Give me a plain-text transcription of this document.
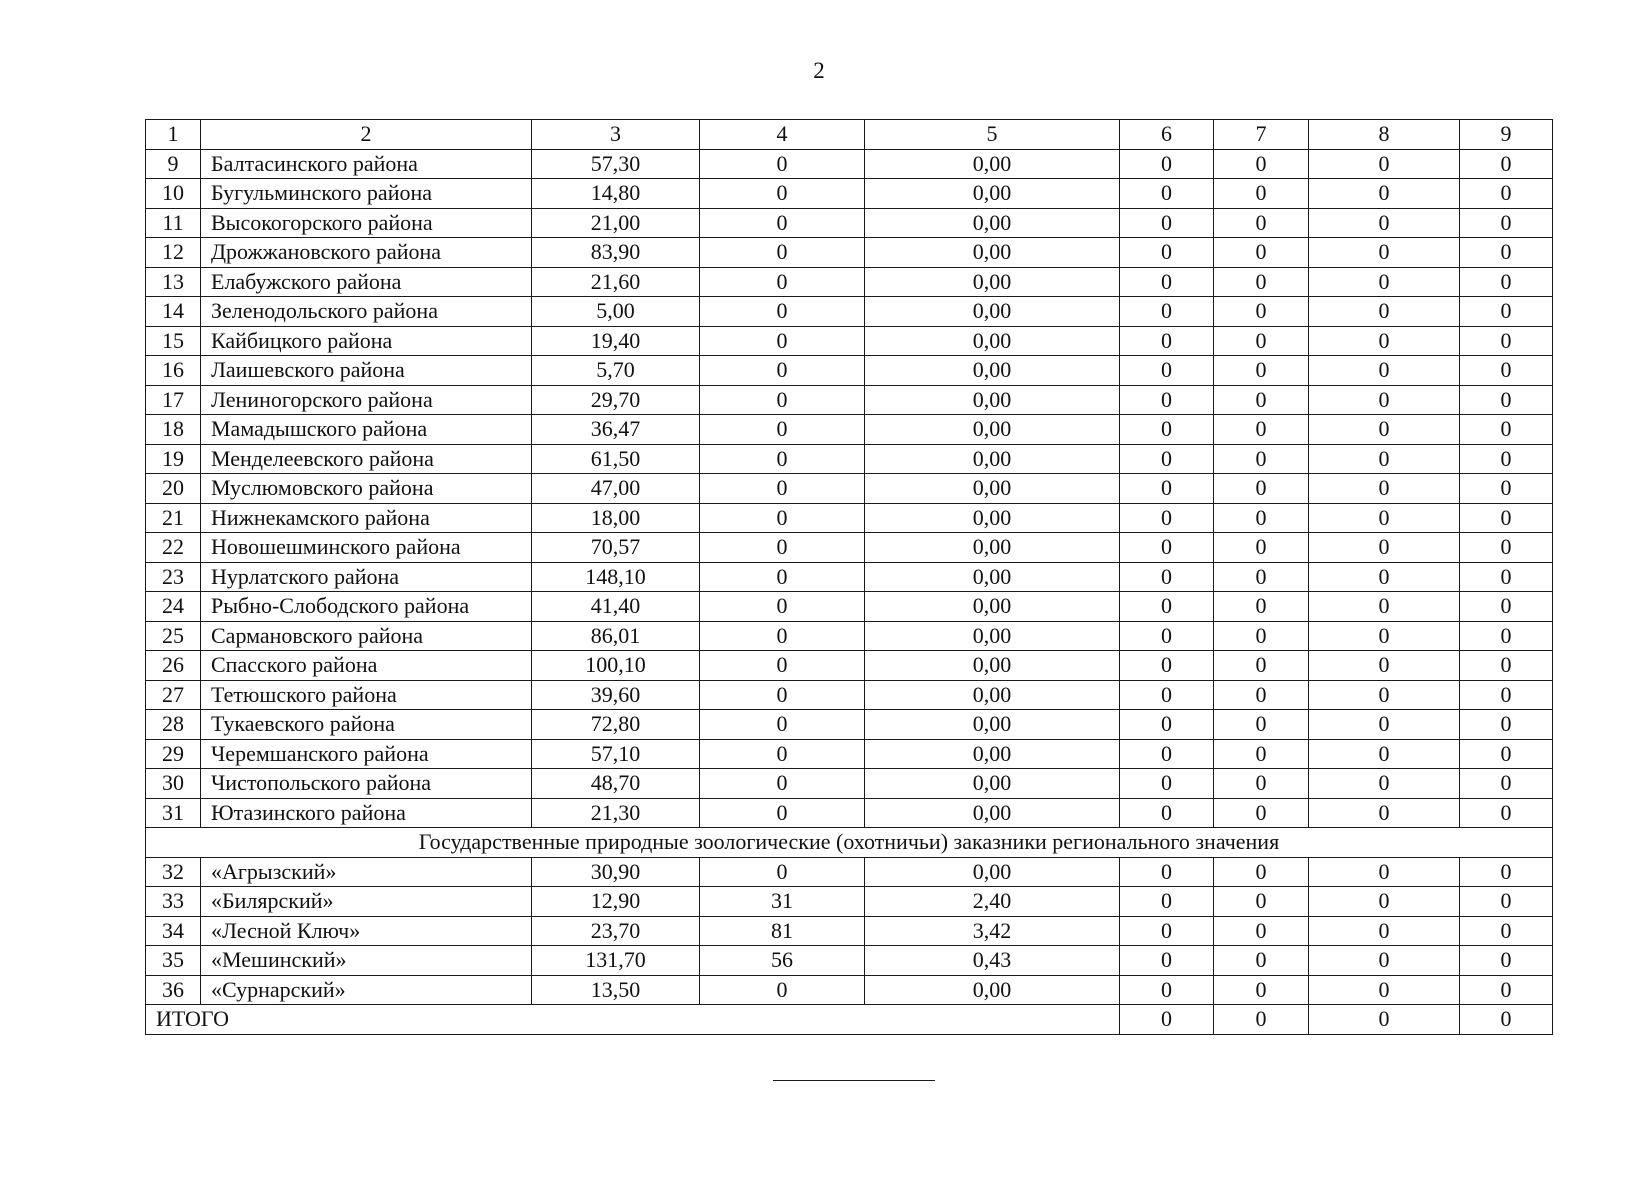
2
1	2	3	4	5	6	7	8	9
9	Балтасинского района	57,30	0	0,00	0	0	0	0
10	Бугульминского района	14,80	0	0,00	0	0	0	0
11	Высокогорского района	21,00	0	0,00	0	0	0	0
12	Дрожжановского района	83,90	0	0,00	0	0	0	0
13	Елабужского района	21,60	0	0,00	0	0	0	0
14	Зеленодольского района	5,00	0	0,00	0	0	0	0
15	Кайбицкого района	19,40	0	0,00	0	0	0	0
16	Лаишевского района	5,70	0	0,00	0	0	0	0
17	Лениногорского района	29,70	0	0,00	0	0	0	0
18	Мамадышского района	36,47	0	0,00	0	0	0	0
19	Менделеевского района	61,50	0	0,00	0	0	0	0
20	Муслюмовского района	47,00	0	0,00	0	0	0	0
21	Нижнекамского района	18,00	0	0,00	0	0	0	0
22	Новошешминского района	70,57	0	0,00	0	0	0	0
23	Нурлатского района	148,10	0	0,00	0	0	0	0
24	Рыбно-Слободского района	41,40	0	0,00	0	0	0	0
25	Сармановского района	86,01	0	0,00	0	0	0	0
26	Спасского района	100,10	0	0,00	0	0	0	0
27	Тетюшского района	39,60	0	0,00	0	0	0	0
28	Тукаевского района	72,80	0	0,00	0	0	0	0
29	Черемшанского района	57,10	0	0,00	0	0	0	0
30	Чистопольского района	48,70	0	0,00	0	0	0	0
31	Ютазинского района	21,30	0	0,00	0	0	0	0
Государственные природные зоологические (охотничьи) заказники регионального значения								
32	«Агрызский»	30,90	0	0,00	0	0	0	0
33	«Билярский»	12,90	31	2,40	0	0	0	0
34	«Лесной Ключ»	23,70	81	3,42	0	0	0	0
35	«Мешинский»	131,70	56	0,43	0	0	0	0
36	«Сурнарский»	13,50	0	0,00	0	0	0	0
ИТОГО					0	0	0	0
